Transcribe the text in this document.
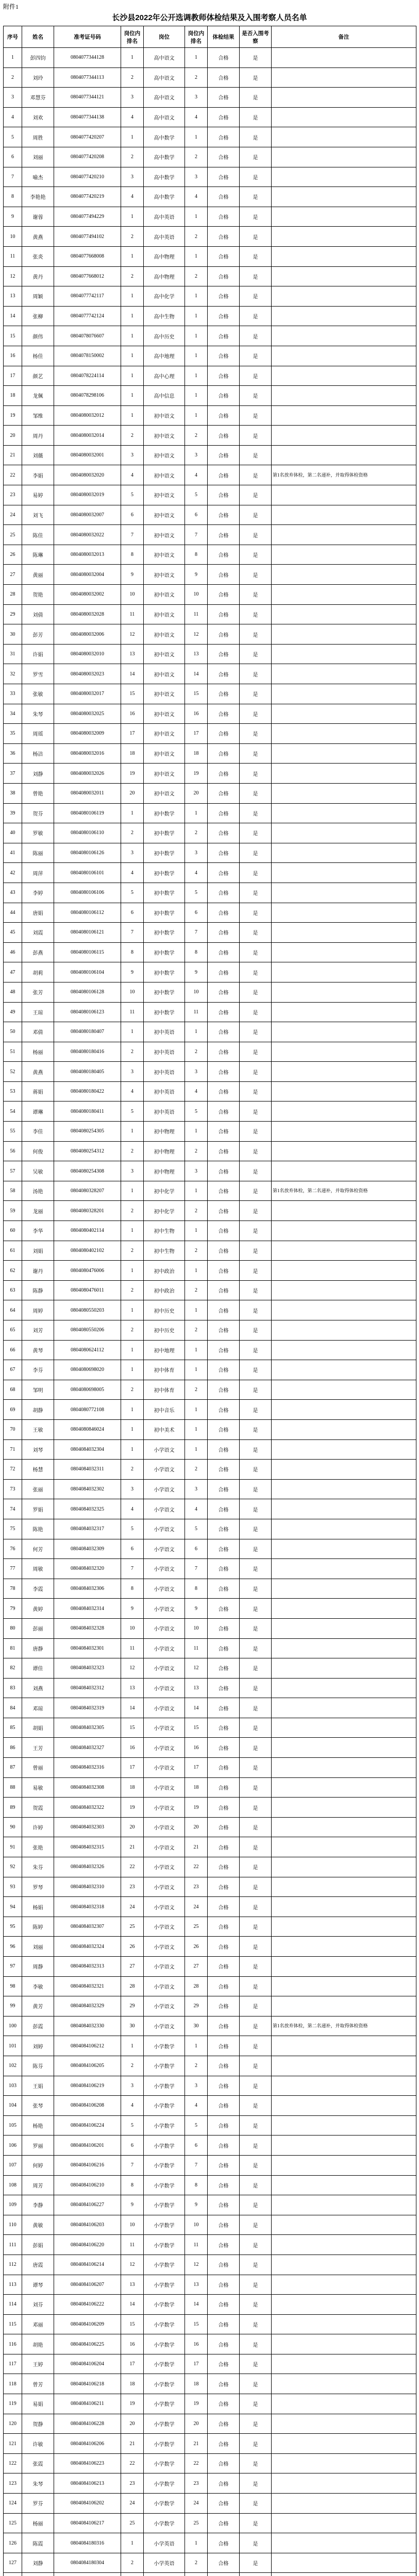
附件1
长沙县2022年公开选调教师体检结果及入围考察人员名单
序号	姓名	准考证号码	岗位内排名	岗位	岗位内排名	体检结果	是否入围考察	备注
1	彭四钧	0804077344128	1	高中语文	1	合格	是	
2	刘玲	0804077344113	2	高中语文	2	合格	是	
3	邓慧芬	0804077344121	3	高中语文	3	合格	是	
4	刘欢	0804077344138	4	高中语文	4	合格	是	
5	周胜	0804077420207	1	高中数学	1	合格	是	
6	刘丽	0804077420208	2	高中数学	2	合格	是	
7	喻杰	0804077420210	3	高中数学	3	合格	是	
8	李艳艳	0804077420219	4	高中数学	4	合格	是	
9	谢蓉	0804077494229	1	高中英语	1	合格	是	
10	黄燕	0804077494102	2	高中英语	2	合格	是	
11	张炎	0804077668008	1	高中物理	1	合格	是	
12	黄丹	0804077668012	2	高中物理	2	合格	是	
13	周颖	0804077742117	1	高中化学	1	合格	是	
14	张柳	0804077742124	1	高中生物	1	合格	是	
15	颜伟	0804078076607	1	高中历史	1	合格	是	
16	杨佳	0804078150002	1	高中地理	1	合格	是	
17	颜艺	0804078224114	1	高中心理	1	合格	是	
18	龙佩	0804078298106	1	高中信息	1	合格	是	
19	邹维	0804080032012	1	初中语文	1	合格	是	
20	周丹	0804080032014	2	初中语文	2	合格	是	
21	刘薇	0804080032001	3	初中语文	3	合格	是	
22	李娟	0804080032020	4	初中语文	4	合格	是	第1名放弃体检，第二名递补，并取得体检资格
23	易婷	0804080032019	5	初中语文	5	合格	是	
24	刘飞	0804080032007	6	初中语文	6	合格	是	
25	陈佳	0804080032022	7	初中语文	7	合格	是	
26	陈琳	0804080032013	8	初中语文	8	合格	是	
27	黄丽	0804080032004	9	初中语文	9	合格	是	
28	贺艳	0804080032002	10	初中语文	10	合格	是	
29	刘倩	0804080032028	11	初中语文	11	合格	是	
30	彭芳	0804080032006	12	初中语文	12	合格	是	
31	许娟	0804080032010	13	初中语文	13	合格	是	
32	罗雪	0804080032023	14	初中语文	14	合格	是	
33	张敏	0804080032017	15	初中语文	15	合格	是	
34	朱琴	0804080032025	16	初中语文	16	合格	是	
35	周瑶	0804080032009	17	初中语文	17	合格	是	
36	杨洁	0804080032016	18	初中语文	18	合格	是	
37	刘静	0804080032026	19	初中语文	19	合格	是	
38	曾艳	0804080032011	20	初中语文	20	合格	是	
39	贺芬	0804080106119	1	初中数学	1	合格	是	
40	罗敏	0804080106110	2	初中数学	2	合格	是	
41	陈丽	0804080106126	3	初中数学	3	合格	是	
42	周萍	0804080106101	4	初中数学	4	合格	是	
43	李婷	0804080106106	5	初中数学	5	合格	是	
44	唐娟	0804080106112	6	初中数学	6	合格	是	
45	刘霞	0804080106121	7	初中数学	7	合格	是	
46	彭燕	0804080106115	8	初中数学	8	合格	是	
47	胡莉	0804080106104	9	初中数学	9	合格	是	
48	张芳	0804080106128	10	初中数学	10	合格	是	
49	王琼	0804080106123	11	初中数学	11	合格	是	
50	邓倩	0804080180407	1	初中英语	1	合格	是	
51	杨丽	0804080180416	2	初中英语	2	合格	是	
52	黄燕	0804080180405	3	初中英语	3	合格	是	
53	蒋娟	0804080180422	4	初中英语	4	合格	是	
54	谭琳	0804080180411	5	初中英语	5	合格	是	
55	李佳	0804080254305	1	初中物理	1	合格	是	
56	何俊	0804080254312	2	初中物理	2	合格	是	
57	吴敏	0804080254308	3	初中物理	3	合格	是	
58	汤艳	0804080328207	1	初中化学	1	合格	是	第1名放弃体检，第二名递补，并取得体检资格
59	龙丽	0804080328201	2	初中化学	2	合格	是	
60	李华	0804080402114	1	初中生物	1	合格	是	
61	刘娟	0804080402102	2	初中生物	2	合格	是	
62	谢丹	0804080476006	1	初中政治	1	合格	是	
63	陈静	0804080476011	2	初中政治	2	合格	是	
64	周婷	0804080550203	1	初中历史	1	合格	是	
65	刘芳	0804080550206	2	初中历史	2	合格	是	
66	黄琴	0804080624112	1	初中地理	1	合格	是	
67	李芬	0804080698020	1	初中体育	1	合格	是	
68	邹明	0804080698005	2	初中体育	2	合格	是	
69	胡静	0804080772108	1	初中音乐	1	合格	是	
70	王敏	0804080846024	1	初中美术	1	合格	是	
71	刘琴	0804084032304	1	小学语文	1	合格	是	
72	杨慧	0804084032311	2	小学语文	2	合格	是	
73	张丽	0804084032302	3	小学语文	3	合格	是	
74	罗娟	0804084032325	4	小学语文	4	合格	是	
75	陈艳	0804084032317	5	小学语文	5	合格	是	
76	何芳	0804084032309	6	小学语文	6	合格	是	
77	周敏	0804084032320	7	小学语文	7	合格	是	
78	李霞	0804084032306	8	小学语文	8	合格	是	
79	黄婷	0804084032314	9	小学语文	9	合格	是	
80	彭丽	0804084032328	10	小学语文	10	合格	是	
81	唐静	0804084032301	11	小学语文	11	合格	是	
82	谭佳	0804084032323	12	小学语文	12	合格	是	
83	刘燕	0804084032312	13	小学语文	13	合格	是	
84	邓琼	0804084032319	14	小学语文	14	合格	是	
85	胡娟	0804084032305	15	小学语文	15	合格	是	
86	王芳	0804084032327	16	小学语文	16	合格	是	
87	曾丽	0804084032316	17	小学语文	17	合格	是	
88	易敏	0804084032308	18	小学语文	18	合格	是	
89	贺霞	0804084032322	19	小学语文	19	合格	是	
90	许婷	0804084032303	20	小学语文	20	合格	是	
91	张艳	0804084032315	21	小学语文	21	合格	是	
92	朱芬	0804084032326	22	小学语文	22	合格	是	
93	罗琴	0804084032310	23	小学语文	23	合格	是	
94	杨娟	0804084032318	24	小学语文	24	合格	是	
95	陈婷	0804084032307	25	小学语文	25	合格	是	
96	刘丽	0804084032324	26	小学语文	26	合格	是	
97	周静	0804084032313	27	小学语文	27	合格	是	
98	李敏	0804084032321	28	小学语文	28	合格	是	
99	黄芳	0804084032329	29	小学语文	29	合格	是	
100	彭霞	0804084032330	30	小学语文	30	合格	是	第1名放弃体检，第二名递补，并取得体检资格
101	刘婷	0804084106212	1	小学数学	1	合格	是	
102	陈芬	0804084106205	2	小学数学	2	合格	是	
103	王娟	0804084106219	3	小学数学	3	合格	是	
104	张琴	0804084106208	4	小学数学	4	合格	是	
105	杨艳	0804084106224	5	小学数学	5	合格	是	
106	罗丽	0804084106201	6	小学数学	6	合格	是	
107	何婷	0804084106216	7	小学数学	7	合格	是	
108	周芳	0804084106210	8	小学数学	8	合格	是	
109	李静	0804084106227	9	小学数学	9	合格	是	
110	黄敏	0804084106203	10	小学数学	10	合格	是	
111	彭娟	0804084106220	11	小学数学	11	合格	是	
112	唐霞	0804084106214	12	小学数学	12	合格	是	
113	谭琴	0804084106207	13	小学数学	13	合格	是	
114	刘芬	0804084106222	14	小学数学	14	合格	是	
115	邓丽	0804084106209	15	小学数学	15	合格	是	
116	胡艳	0804084106225	16	小学数学	16	合格	是	
117	王婷	0804084106204	17	小学数学	17	合格	是	
118	曾芳	0804084106218	18	小学数学	18	合格	是	
119	易娟	0804084106211	19	小学数学	19	合格	是	
120	贺静	0804084106228	20	小学数学	20	合格	是	
121	许敏	0804084106206	21	小学数学	21	合格	是	
122	张霞	0804084106223	22	小学数学	22	合格	是	
123	朱琴	0804084106213	23	小学数学	23	合格	是	
124	罗芬	0804084106202	24	小学数学	24	合格	是	
125	杨丽	0804084106217	25	小学数学	25	合格	是	
126	陈霞	0804084180316	1	小学英语	1	合格	是	
127	刘静	0804084180304	2	小学英语	2	合格	是	
